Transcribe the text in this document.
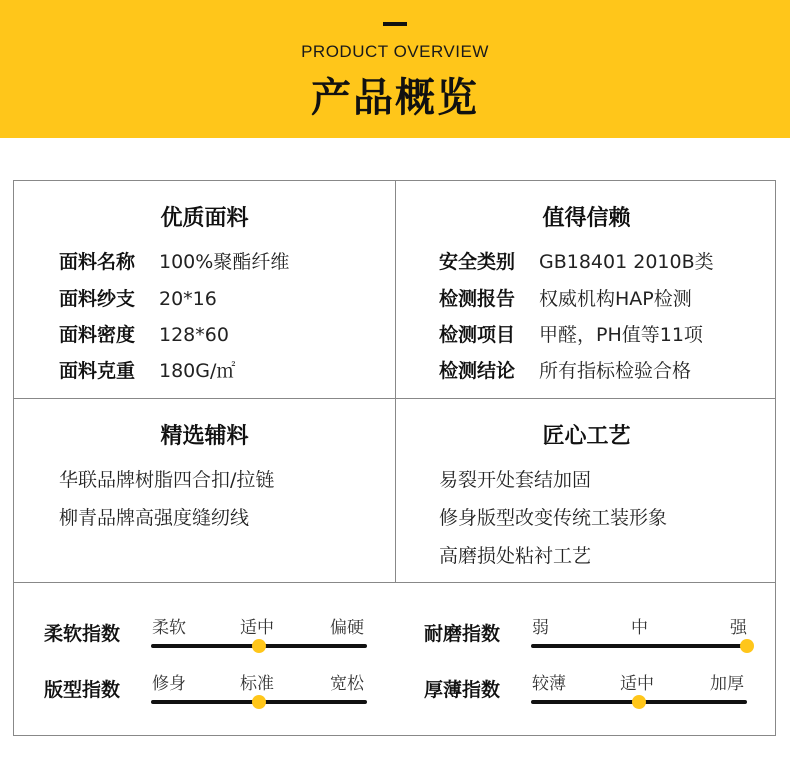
PRODUCT OVERVIEW
产品概览
优质面料
面料名称 100%聚酯纤维
面料纱支 20*16
面料密度 128*60
面料克重 180G/㎡
值得信赖
安全类别 GB18401 2010B类
检测报告 权威机构HAP检测
检测项目 甲醛，PH值等11项
检测结论 所有指标检验合格
精选辅料
华联品牌树脂四合扣/拉链
柳青品牌高强度缝纫线
匠心工艺
易裂开处套结加固
修身版型改变传统工装形象
高磨损处粘衬工艺
柔软指数 柔软	适中	偏硬
版型指数 修身	标准	宽松
耐磨指数 弱	中	强
厚薄指数 较薄	适中	加厚
